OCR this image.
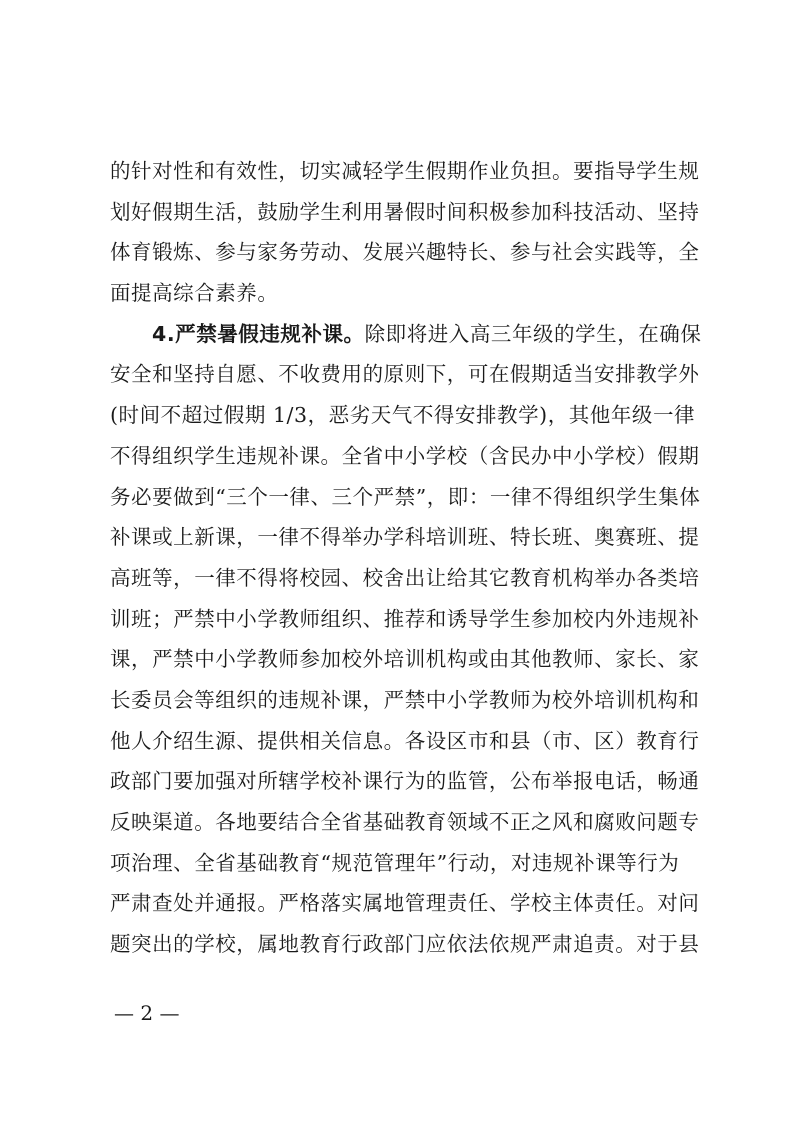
的针对性和有效性，切实减轻学生假期作业负担。要指导学生规
划好假期生活，鼓励学生利用暑假时间积极参加科技活动、坚持
体育锻炼、参与家务劳动、发展兴趣特长、参与社会实践等，全
面提高综合素养。
4.严禁暑假违规补课。除即将进入高三年级的学生，在确保
安全和坚持自愿、不收费用的原则下，可在假期适当安排教学外
(时间不超过假期 1/3，恶劣天气不得安排教学)，其他年级一律
不得组织学生违规补课。全省中小学校（含民办中小学校）假期
务必要做到“三个一律、三个严禁”，即：一律不得组织学生集体
补课或上新课，一律不得举办学科培训班、特长班、奥赛班、提
高班等，一律不得将校园、校舍出让给其它教育机构举办各类培
训班；严禁中小学教师组织、推荐和诱导学生参加校内外违规补
课，严禁中小学教师参加校外培训机构或由其他教师、家长、家
长委员会等组织的违规补课，严禁中小学教师为校外培训机构和
他人介绍生源、提供相关信息。各设区市和县（市、区）教育行
政部门要加强对所辖学校补课行为的监管，公布举报电话，畅通
反映渠道。各地要结合全省基础教育领域不正之风和腐败问题专
项治理、全省基础教育“规范管理年”行动，对违规补课等行为
严肃查处并通报。严格落实属地管理责任、学校主体责任。对问
题突出的学校，属地教育行政部门应依法依规严肃追责。对于县
— 2 —
